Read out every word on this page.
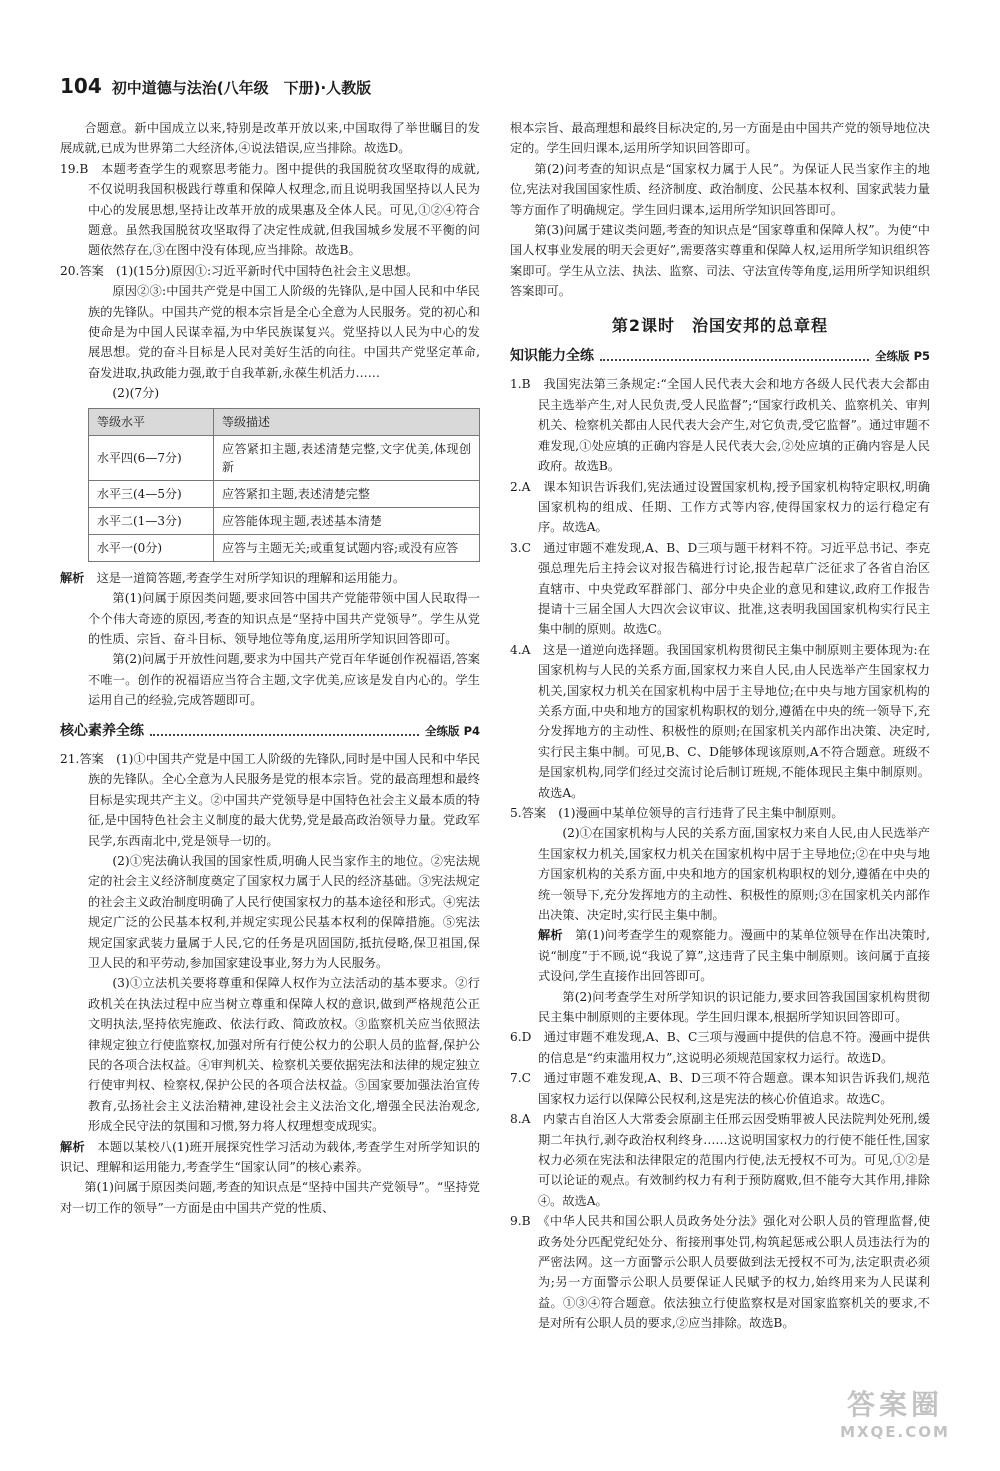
104 初中道德与法治(八年级　下册)·人教版

合题意。新中国成立以来,特别是改革开放以来,中国取得了举世瞩目的发展成就,已成为世界第二大经济体,④说法错误,应当排除。故选D。

19.B　 本题考查学生的观察思考能力。图中提供的我国脱贫攻坚取得的成就,不仅说明我国积极践行尊重和保障人权理念,而且说明我国坚持以人民为中心的发展思想,坚持让改革开放的成果惠及全体人民。可见,①②④符合题意。虽然我国脱贫攻坚取得了决定性成就,但我国城乡发展不平衡的问题依然存在,③在图中没有体现,应当排除。故选B。

20.答案　 (1)(15分)原因①:习近平新时代中国特色社会主义思想。

原因②③:中国共产党是中国工人阶级的先锋队,是中国人民和中华民族的先锋队。中国共产党的根本宗旨是全心全意为人民服务。党的初心和使命是为中国人民谋幸福,为中华民族谋复兴。党坚持以人民为中心的发展思想。党的奋斗目标是人民对美好生活的向往。中国共产党坚定革命,奋发进取,执政能力强,敢于自我革新,永葆生机活力……

(2)(7分)

等级水平	等级描述
水平四(6—7分)	应答紧扣主题,表述清楚完整,文字优美,体现创新
水平三(4—5分)	应答紧扣主题,表述清楚完整
水平二(1—3分)	应答能体现主题,表述基本清楚
水平一(0分)	应答与主题无关;或重复试题内容;或没有应答

解析　 这是一道简答题,考查学生对所学知识的理解和运用能力。

第(1)问属于原因类问题,要求回答中国共产党能带领中国人民取得一个个伟大奇迹的原因,考查的知识点是“坚持中国共产党领导”。学生从党的性质、宗旨、奋斗目标、领导地位等角度,运用所学知识回答即可。

第(2)问属于开放性问题,要求为中国共产党百年华诞创作祝福语,答案不唯一。创作的祝福语应当符合主题,文字优美,应该是发自内心的。学生运用自己的经验,完成答题即可。

核心素养全练	全练版 P4

21.答案　 (1)①中国共产党是中国工人阶级的先锋队,同时是中国人民和中华民族的先锋队。全心全意为人民服务是党的根本宗旨。党的最高理想和最终目标是实现共产主义。②中国共产党领导是中国特色社会主义最本质的特征,是中国特色社会主义制度的最大优势,党是最高政治领导力量。党政军民学,东西南北中,党是领导一切的。

(2)①宪法确认我国的国家性质,明确人民当家作主的地位。②宪法规定的社会主义经济制度奠定了国家权力属于人民的经济基础。③宪法规定的社会主义政治制度明确了人民行使国家权力的基本途径和形式。④宪法规定广泛的公民基本权利,并规定实现公民基本权利的保障措施。⑤宪法规定国家武装力量属于人民,它的任务是巩固国防,抵抗侵略,保卫祖国,保卫人民的和平劳动,参加国家建设事业,努力为人民服务。

(3)①立法机关要将尊重和保障人权作为立法活动的基本要求。②行政机关在执法过程中应当树立尊重和保障人权的意识,做到严格规范公正文明执法,坚持依宪施政、依法行政、简政放权。③监察机关应当依照法律规定独立行使监察权,加强对所有行使公权力的公职人员的监督,保护公民的各项合法权益。④审判机关、检察机关要依据宪法和法律的规定独立行使审判权、检察权,保护公民的各项合法权益。⑤国家要加强法治宣传教育,弘扬社会主义法治精神,建设社会主义法治文化,增强全民法治观念,形成全民守法的氛围和习惯,努力将人权理想变成现实。

解析　 本题以某校八(1)班开展探究性学习活动为载体,考查学生对所学知识的识记、理解和运用能力,考查学生“国家认同”的核心素养。

第(1)问属于原因类问题,考查的知识点是“坚持中国共产党领导”。“坚持党对一切工作的领导”一方面是由中国共产党的性质、

根本宗旨、最高理想和最终目标决定的,另一方面是由中国共产党的领导地位决定的。学生回归课本,运用所学知识回答即可。

第(2)问考查的知识点是“国家权力属于人民”。为保证人民当家作主的地位,宪法对我国国家性质、经济制度、政治制度、公民基本权利、国家武装力量等方面作了明确规定。学生回归课本,运用所学知识回答即可。

第(3)问属于建议类问题,考查的知识点是“国家尊重和保障人权”。为使“中国人权事业发展的明天会更好”,需要落实尊重和保障人权,运用所学知识组织答案即可。学生从立法、执法、监察、司法、守法宣传等角度,运用所学知识组织答案即可。

第2课时　治国安邦的总章程
知识能力全练	全练版 P5

1.B　 我国宪法第三条规定:“全国人民代表大会和地方各级人民代表大会都由民主选举产生,对人民负责,受人民监督”;“国家行政机关、监察机关、审判机关、检察机关都由人民代表大会产生,对它负责,受它监督”。通过审题不难发现,①处应填的正确内容是人民代表大会,②处应填的正确内容是人民政府。故选B。

2.A　 课本知识告诉我们,宪法通过设置国家机构,授予国家机构特定职权,明确国家机构的组成、任期、工作方式等内容,使得国家权力的运行稳定有序。故选A。

3.C　 通过审题不难发现,A、B、D三项与题干材料不符。习近平总书记、李克强总理先后主持会议对报告稿进行讨论,报告起草广泛征求了各省自治区直辖市、中央党政军群部门、部分中央企业的意见和建议,政府工作报告提请十三届全国人大四次会议审议、批准,这表明我国国家机构实行民主集中制的原则。故选C。

4.A　 这是一道逆向选择题。我国国家机构贯彻民主集中制原则主要体现为:在国家机构与人民的关系方面,国家权力来自人民,由人民选举产生国家权力机关,国家权力机关在国家机构中居于主导地位;在中央与地方国家机构的关系方面,中央和地方的国家机构职权的划分,遵循在中央的统一领导下,充分发挥地方的主动性、积极性的原则;在国家机关内部作出决策、决定时,实行民主集中制。可见,B、C、D能够体现该原则,A不符合题意。班级不是国家机构,同学们经过交流讨论后制订班规,不能体现民主集中制原则。故选A。

5.答案　 (1)漫画中某单位领导的言行违背了民主集中制原则。

(2)①在国家机构与人民的关系方面,国家权力来自人民,由人民选举产生国家权力机关,国家权力机关在国家机构中居于主导地位;②在中央与地方国家机构的关系方面,中央和地方的国家机构职权的划分,遵循在中央的统一领导下,充分发挥地方的主动性、积极性的原则;③在国家机关内部作出决策、决定时,实行民主集中制。

解析　 第(1)问考查学生的观察能力。漫画中的某单位领导在作出决策时,说“制度”于不顾,说“我说了算”,这违背了民主集中制原则。该问属于直接式设问,学生直接作出回答即可。

第(2)问考查学生对所学知识的识记能力,要求回答我国国家机构贯彻民主集中制原则的主要体现。学生回归课本,根据所学知识回答即可。

6.D　 通过审题不难发现,A、B、C三项与漫画中提供的信息不符。漫画中提供的信息是“约束滥用权力”,这说明必须规范国家权力运行。故选D。

7.C　 通过审题不难发现,A、B、D三项不符合题意。课本知识告诉我们,规范国家权力运行以保障公民权利,这是宪法的核心价值追求。故选C。

8.A　 内蒙古自治区人大常委会原副主任邢云因受贿罪被人民法院判处死刑,缓期二年执行,剥夺政治权利终身……这说明国家权力的行使不能任性,国家权力必须在宪法和法律限定的范围内行使,法无授权不可为。可见,①②是可以论证的观点。有效制约权力有利于预防腐败,但不能夸大其作用,排除④。故选A。

9.B　 《中华人民共和国公职人员政务处分法》强化对公职人员的管理监督,使政务处分匹配党纪处分、衔接刑事处罚,构筑起惩戒公职人员违法行为的严密法网。这一方面警示公职人员要做到法无授权不可为,法定职责必须为;另一方面警示公职人员要保证人民赋予的权力,始终用来为人民谋利益。①③④符合题意。依法独立行使监察权是对国家监察机关的要求,不是对所有公职人员的要求,②应当排除。故选B。

答案圈
MXQE.COM
